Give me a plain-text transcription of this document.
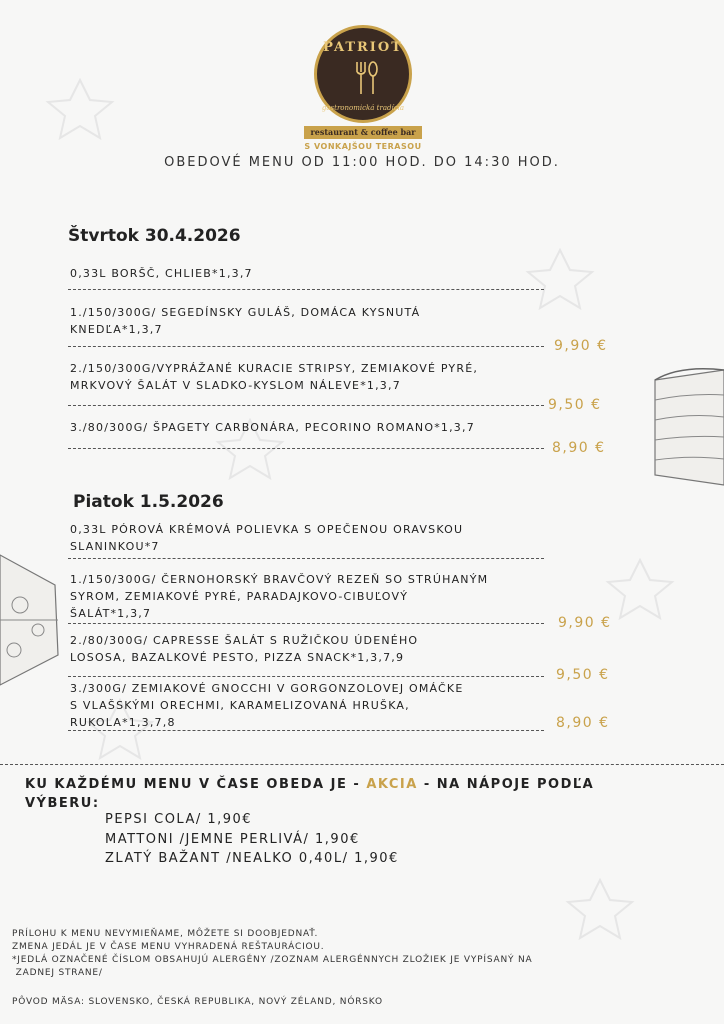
PATRIOT
gastronomická tradícia
restaurant & coffee bar
S VONKAJŠOU TERASOU
OBEDOVÉ MENU OD 11:00 HOD. DO 14:30 HOD.
Štvrtok 30.4.2026
0,33L BORŠČ, CHLIEB*1,3,7
1./150/300G/ SEGEDÍNSKY GULÁŠ, DOMÁCA KYSNUTÁ
KNEDĽA*1,3,7
9,90 €
2./150/300G/VYPRÁŽANÉ KURACIE STRIPSY, ZEMIAKOVÉ PYRÉ,
MRKVOVÝ ŠALÁT V SLADKO-KYSLOM NÁLEVE*1,3,7
9,50 €
3./80/300G/ ŠPAGETY CARBONÁRA, PECORINO ROMANO*1,3,7
8,90 €
Piatok 1.5.2026
0,33L PÓROVÁ KRÉMOVÁ POLIEVKA S OPEČENOU ORAVSKOU
SLANINKOU*7
1./150/300G/ ČERNOHORSKÝ BRAVČOVÝ REZEŇ SO STRÚHANÝM
SYROM, ZEMIAKOVÉ PYRÉ, PARADAJKOVO-CIBUĽOVÝ
ŠALÁT*1,3,7
9,90 €
2./80/300G/ CAPRESSE ŠALÁT S RUŽIČKOU ÚDENÉHO
LOSOSA, BAZALKOVÉ PESTO, PIZZA SNACK*1,3,7,9
9,50 €
3./300G/ ZEMIAKOVÉ GNOCCHI V GORGONZOLOVEJ OMÁČKE
S VLAŠSKÝMI ORECHMI, KARAMELIZOVANÁ HRUŠKA,
RUKOLA*1,3,7,8	8,90 €
KU KAŽDÉMU MENU V ČASE OBEDA JE - AKCIA - NA NÁPOJE PODĽA
VÝBERU:
PEPSI COLA/ 1,90€
MATTONI /JEMNE PERLIVÁ/ 1,90€
ZLATÝ BAŽANT /NEALKO 0,40L/ 1,90€
PRÍLOHU K MENU NEVYMIEŇAME, MÔŽETE SI DOOBJEDNAŤ.
ZMENA JEDÁL JE V ČASE MENU VYHRADENÁ REŠTAURÁCIOU.
*JEDLÁ OZNAČENÉ ČÍSLOM OBSAHUJÚ ALERGÉNY /ZOZNAM ALERGÉNNYCH ZLOŽIEK JE VYPÍSANÝ NA
ZADNEJ STRANE/
PÔVOD MÄSA: SLOVENSKO, ČESKÁ REPUBLIKA, NOVÝ ZÉLAND, NÓRSKO
